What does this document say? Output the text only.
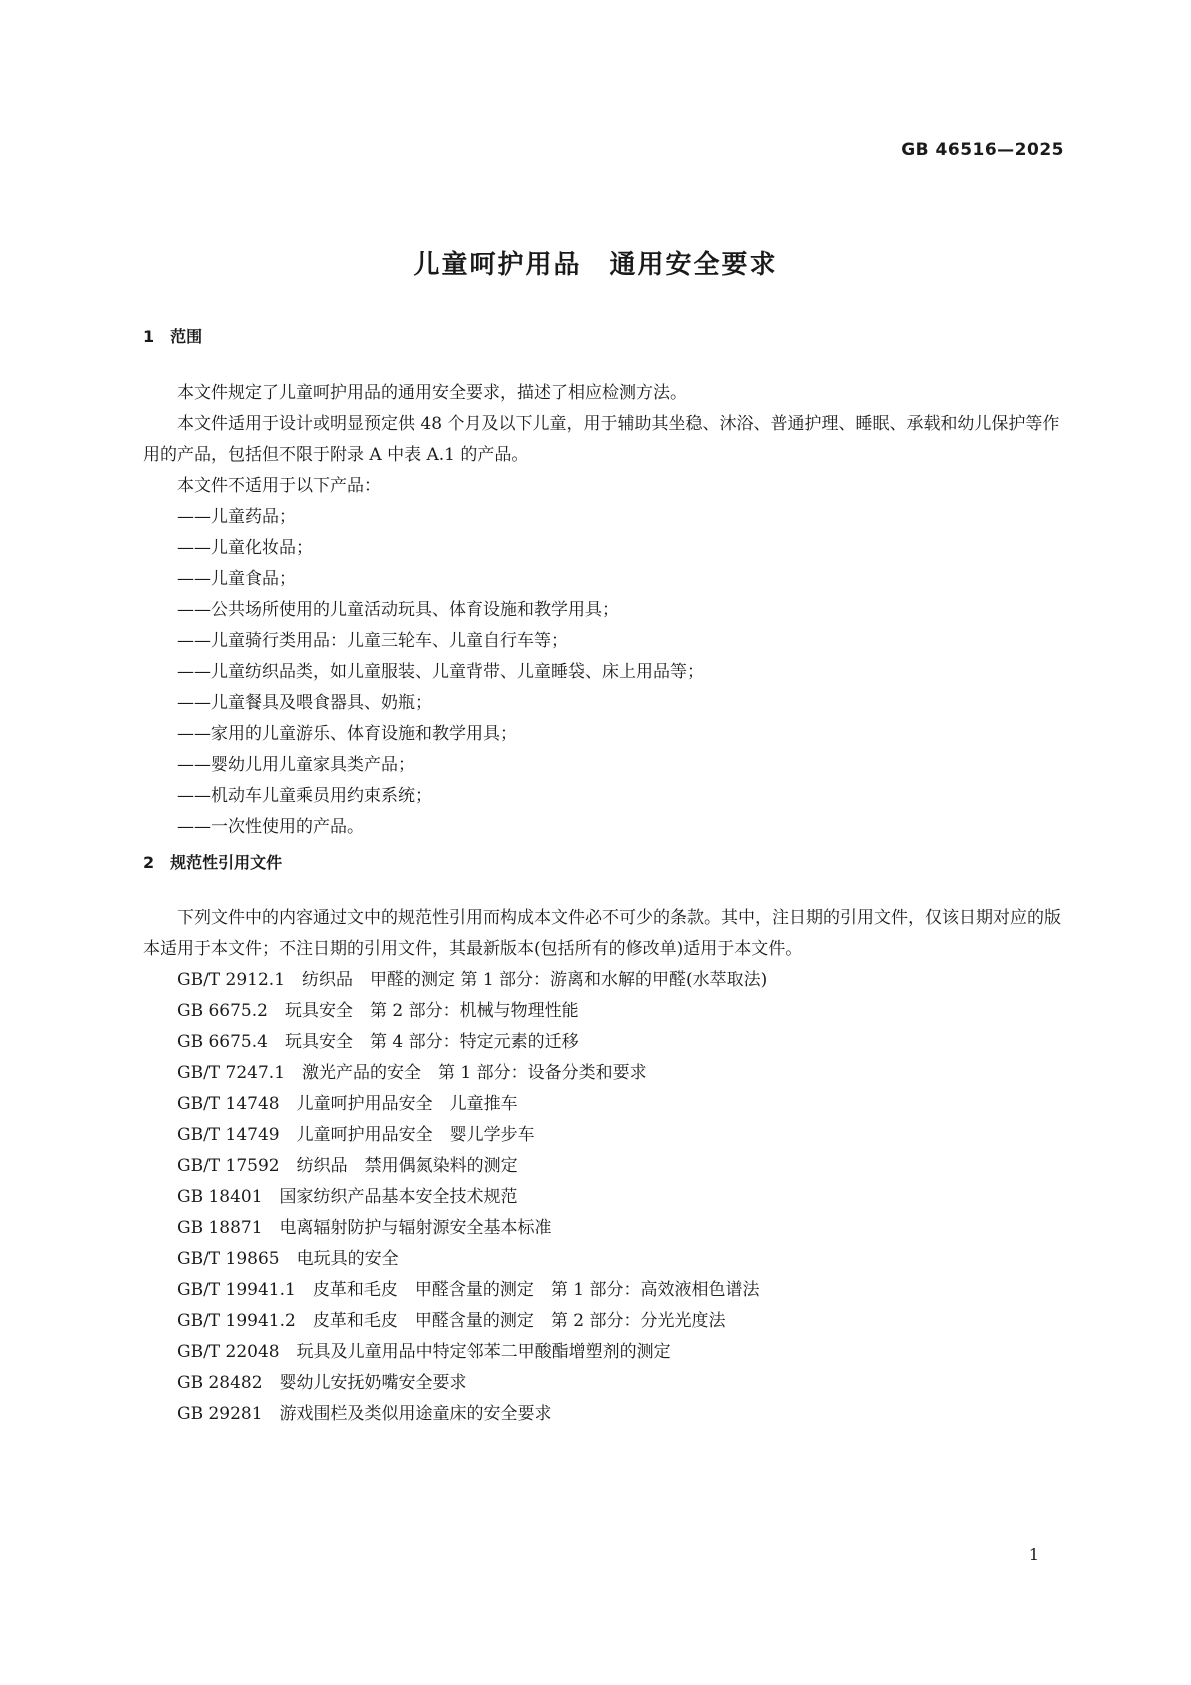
GB 46516—2025
儿童呵护用品　通用安全要求
1　范围

本文件规定了儿童呵护用品的通用安全要求，描述了相应检测方法。

本文件适用于设计或明显预定供 48 个月及以下儿童，用于辅助其坐稳、沐浴、普通护理、睡眠、承载和幼儿保护等作用的产品，包括但不限于附录 A 中表 A.1 的产品。

本文件不适用于以下产品：

——儿童药品；

——儿童化妆品；

——儿童食品；

——公共场所使用的儿童活动玩具、体育设施和教学用具；

——儿童骑行类用品：儿童三轮车、儿童自行车等；

——儿童纺织品类，如儿童服装、儿童背带、儿童睡袋、床上用品等；

——儿童餐具及喂食器具、奶瓶；

——家用的儿童游乐、体育设施和教学用具；

——婴幼儿用儿童家具类产品；

——机动车儿童乘员用约束系统；

——一次性使用的产品。

2　规范性引用文件

下列文件中的内容通过文中的规范性引用而构成本文件必不可少的条款。其中，注日期的引用文件，仅该日期对应的版本适用于本文件；不注日期的引用文件，其最新版本(包括所有的修改单)适用于本文件。

GB/T 2912.1　纺织品　甲醛的测定 第 1 部分：游离和水解的甲醛(水萃取法)

GB 6675.2　玩具安全　第 2 部分：机械与物理性能

GB 6675.4　玩具安全　第 4 部分：特定元素的迁移

GB/T 7247.1　激光产品的安全　第 1 部分：设备分类和要求

GB/T 14748　儿童呵护用品安全　儿童推车

GB/T 14749　儿童呵护用品安全　婴儿学步车

GB/T 17592　纺织品　禁用偶氮染料的测定

GB 18401　国家纺织产品基本安全技术规范

GB 18871　电离辐射防护与辐射源安全基本标准

GB/T 19865　电玩具的安全

GB/T 19941.1　皮革和毛皮　甲醛含量的测定　第 1 部分：高效液相色谱法

GB/T 19941.2　皮革和毛皮　甲醛含量的测定　第 2 部分：分光光度法

GB/T 22048　玩具及儿童用品中特定邻苯二甲酸酯增塑剂的测定

GB 28482　婴幼儿安抚奶嘴安全要求

GB 29281　游戏围栏及类似用途童床的安全要求

1
